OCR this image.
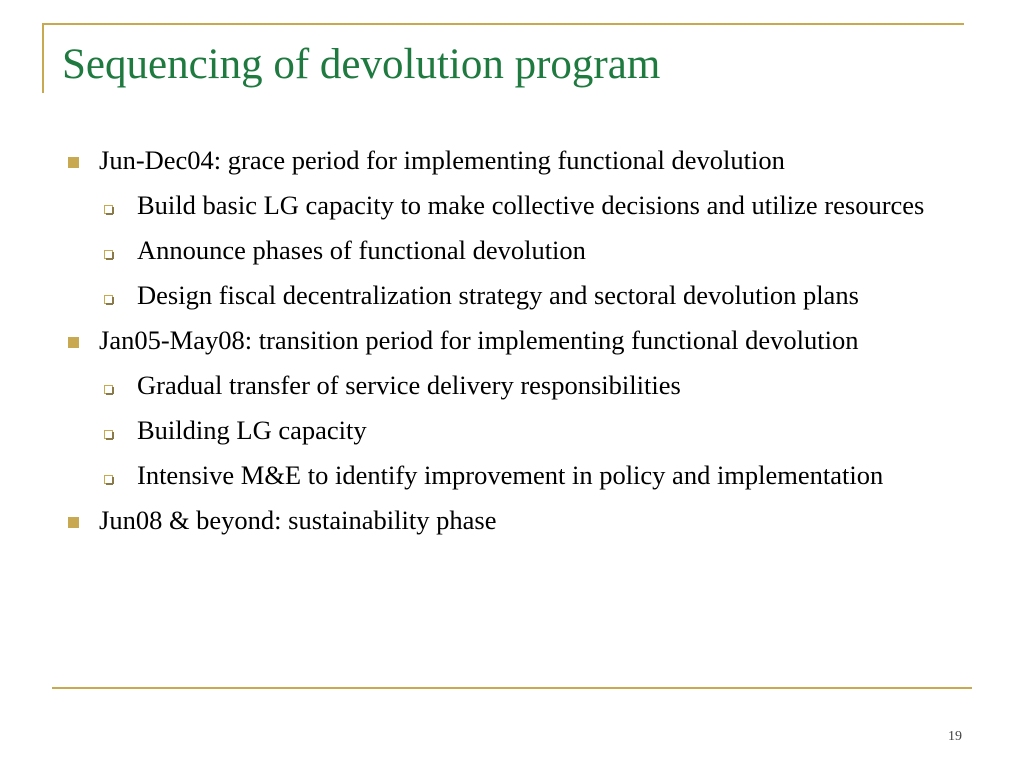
Sequencing of devolution program
Jun-Dec04: grace period for implementing functional devolution
Build basic LG capacity to make collective decisions and utilize resources
Announce phases of functional devolution
Design fiscal decentralization strategy and sectoral devolution plans
Jan05-May08: transition period for implementing functional devolution
Gradual transfer of service delivery responsibilities
Building LG capacity
Intensive M&E to identify improvement in policy and implementation
Jun08 & beyond: sustainability phase
19
